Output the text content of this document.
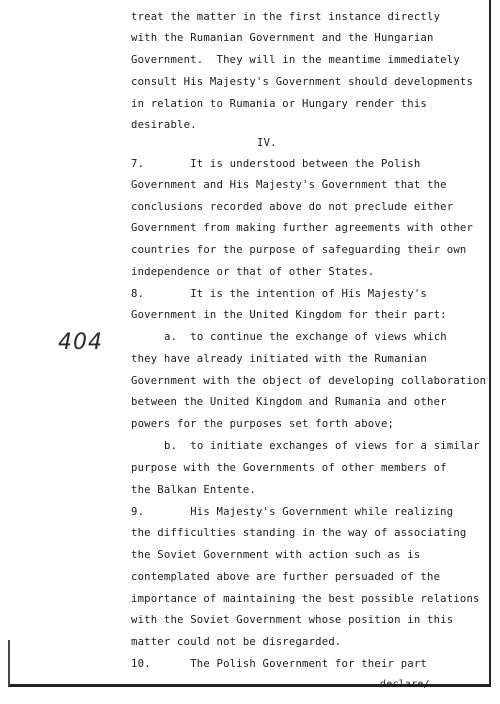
treat the matter in the first instance directly
with the Rumanian Government and the Hungarian
Government.  They will in the meantime immediately
consult His Majesty's Government should developments
in relation to Rumania or Hungary render this
desirable.
IV.
7.       It is understood between the Polish
Government and His Majesty's Government that the
conclusions recorded above do not preclude either
Government from making further agreements with other
countries for the purpose of safeguarding their own
independence or that of other States.
8.       It is the intention of His Majesty's
Government in the United Kingdom for their part:
a.  to continue the exchange of views which
they have already initiated with the Rumanian
Government with the object of developing collaboration
between the United Kingdom and Rumania and other
powers for the purposes set forth above;
b.  to initiate exchanges of views for a similar
purpose with the Governments of other members of
the Balkan Entente.
9.       His Majesty's Government while realizing
the difficulties standing in the way of associating
the Soviet Government with action such as is
contemplated above are further persuaded of the
importance of maintaining the best possible relations
with the Soviet Government whose position in this
matter could not be disregarded.
10.      The Polish Government for their part
declare/
404
